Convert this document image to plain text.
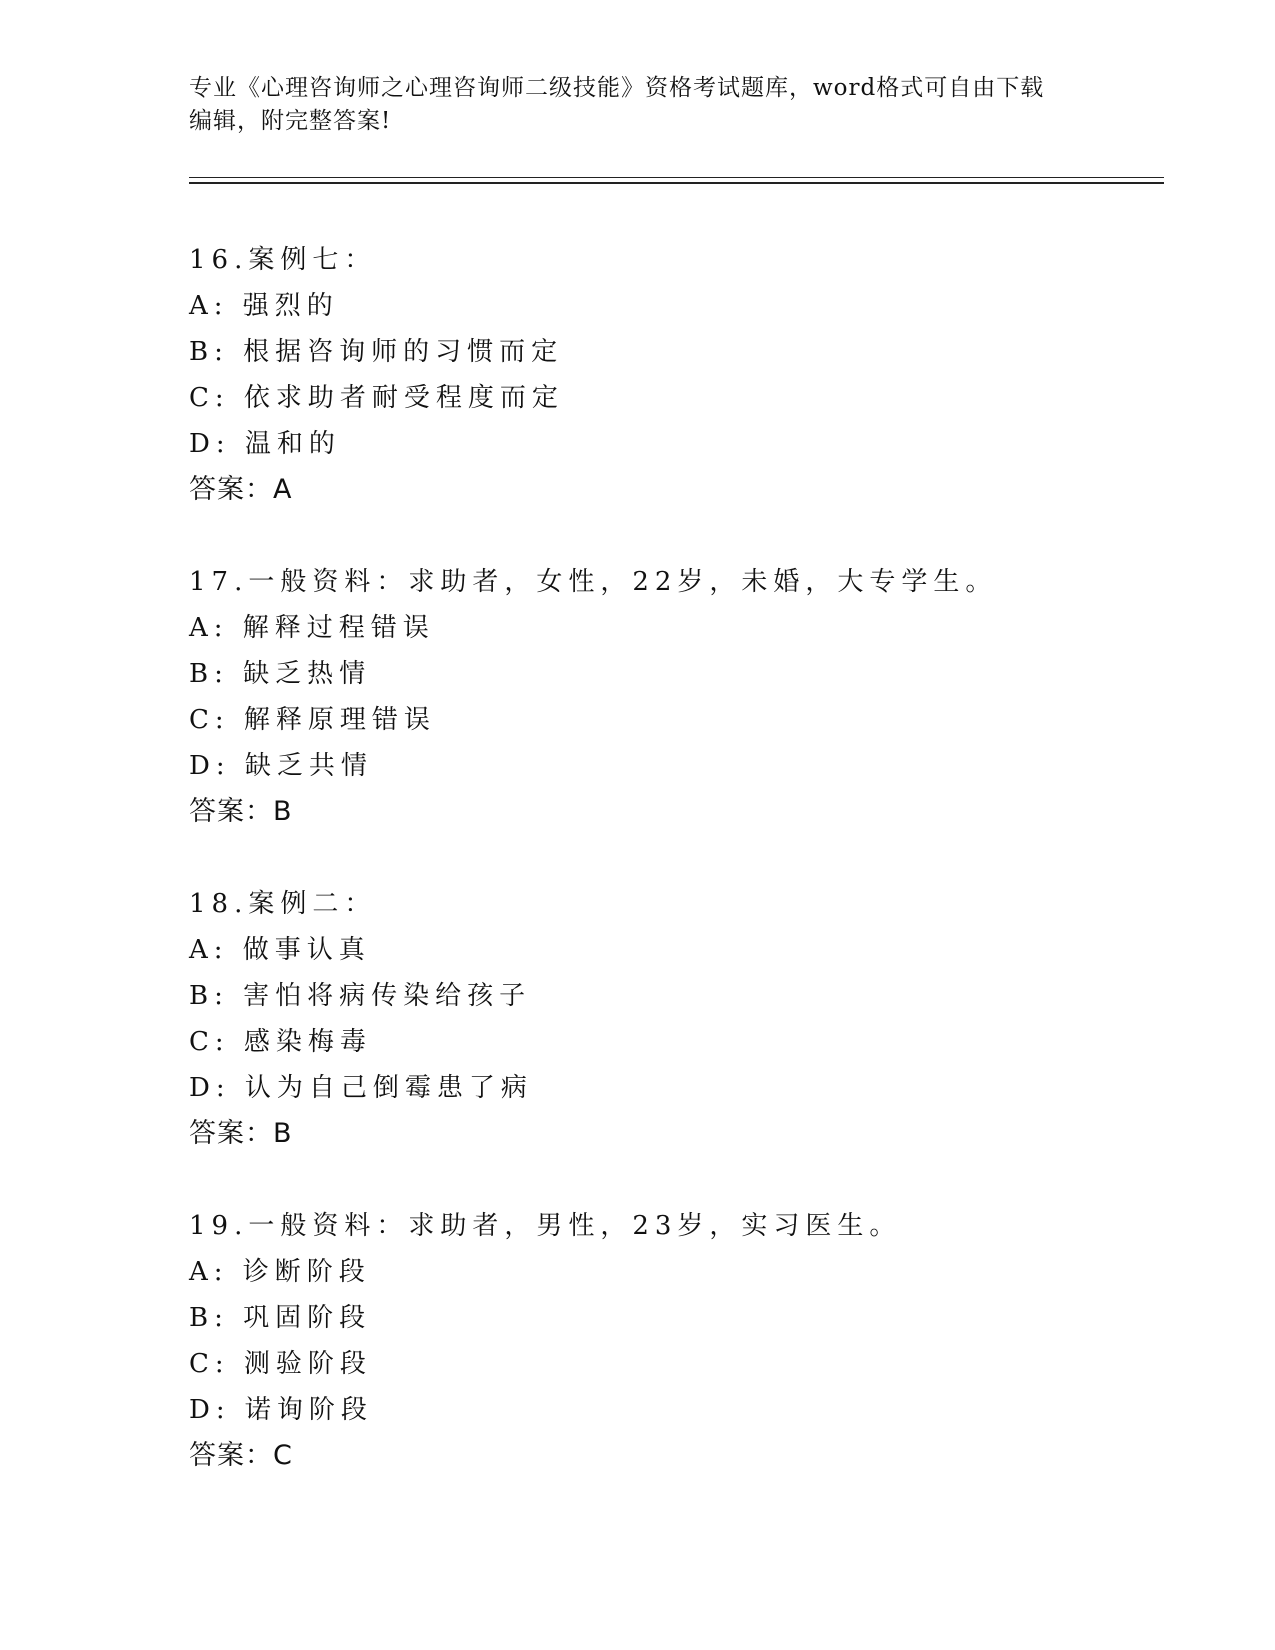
专业《心理咨询师之心理咨询师二级技能》资格考试题库，word格式可自由下载
编辑，附完整答案!
16.案例七：
A: 强烈的
B: 根据咨询师的习惯而定
C: 依求助者耐受程度而定
D: 温和的
答案：A
17.一般资料：求助者，女性，22岁，未婚，大专学生。
A: 解释过程错误
B: 缺乏热情
C: 解释原理错误
D: 缺乏共情
答案：B
18.案例二：
A: 做事认真
B: 害怕将病传染给孩子
C: 感染梅毒
D: 认为自己倒霉患了病
答案：B
19.一般资料：求助者，男性，23岁，实习医生。
A: 诊断阶段
B: 巩固阶段
C: 测验阶段
D: 诺询阶段
答案：C
